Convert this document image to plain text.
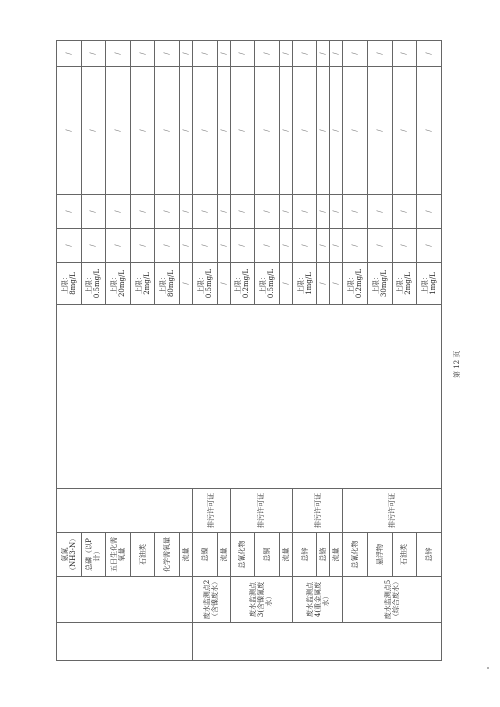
		氨氮（NH3-N）			上限：8mg/L	/	/	/	/
		总磷（以P计）			上限：0.5mg/L	/	/	/	/
		五日生化需氧量			上限：20mg/L	/	/	/	/
		石油类			上限：2mg/L	/	/	/	/
		化学需氧量			上限：80mg/L	/	/	/	/
		流量			/	/	/	/	/
	废水监测点2（含镍废水）	总镍	排污许可证		上限：0.5mg/L	/	/	/	/
		流量			/	/	/	/	/
	废水监测点3(含镍氰废水）	总氰化物	排污许可证		上限：0.2mg/L	/	/	/	/
		总铜			上限：0.5mg/L	/	/	/	/
		流量			/	/	/	/	/
	废水监测点4(重金属废水）	总锌	排污许可证		上限：1mg/L	/	/	/	/
		总铬			/	/	/	/	/
		流量			/	/	/	/	/
	废水监测点5（综合废水）	总氰化物	排污许可证		上限：0.2mg/L	/	/	/	/
		悬浮物			上限：30mg/L	/	/	/	/
		石油类			上限：2mg/L	/	/	/	/
		总锌			上限：1mg/L	/	/	/	/
第 12 页
